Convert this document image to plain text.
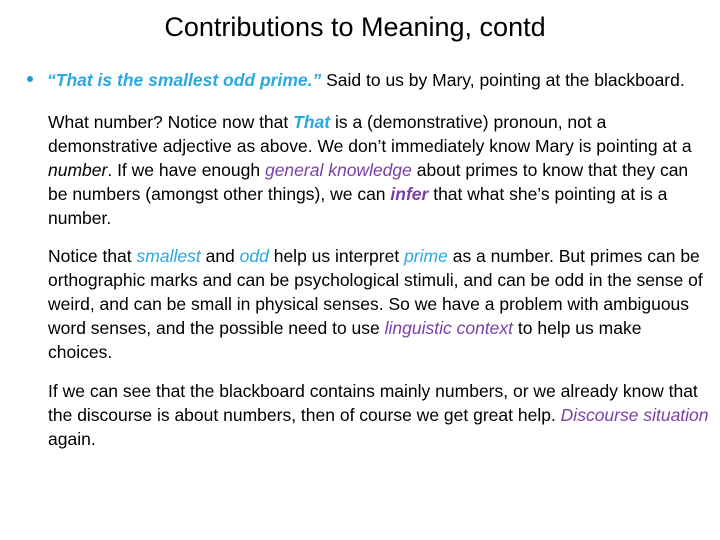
Contributions to Meaning, contd
“That is the smallest odd prime.” Said to us by Mary, pointing at the blackboard.
What number? Notice now that That is a (demonstrative) pronoun, not a demonstrative adjective as above. We don’t immediately know Mary is pointing at a number. If we have enough general knowledge about primes to know that they can be numbers (amongst other things), we can infer that what she’s pointing at is a number.
Notice that smallest and odd help us interpret prime as a number. But primes can be orthographic marks and can be psychological stimuli, and can be odd in the sense of weird, and can be small in physical senses. So we have a problem with ambiguous word senses, and the possible need to use linguistic context to help us make choices.
If we can see that the blackboard contains mainly numbers, or we already know that the discourse is about numbers, then of course we get great help. Discourse situation again.
